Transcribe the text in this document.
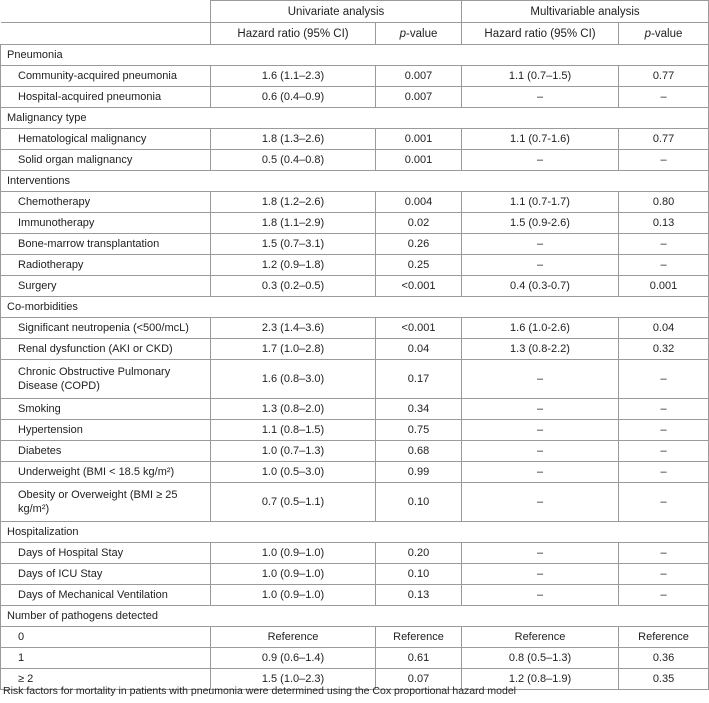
	Univariate analysis		Multivariable analysis	
	Hazard ratio (95% CI)	p-value	Hazard ratio (95% CI)	p-value
Pneumonia				
Community-acquired pneumonia	1.6 (1.1–2.3)	0.007	1.1 (0.7–1.5)	0.77
Hospital-acquired pneumonia	0.6 (0.4–0.9)	0.007	–	–
Malignancy type				
Hematological malignancy	1.8 (1.3–2.6)	0.001	1.1 (0.7-1.6)	0.77
Solid organ malignancy	0.5 (0.4–0.8)	0.001	–	–
Interventions				
Chemotherapy	1.8 (1.2–2.6)	0.004	1.1 (0.7-1.7)	0.80
Immunotherapy	1.8 (1.1–2.9)	0.02	1.5 (0.9-2.6)	0.13
Bone-marrow transplantation	1.5 (0.7–3.1)	0.26	–	–
Radiotherapy	1.2 (0.9–1.8)	0.25	–	–
Surgery	0.3 (0.2–0.5)	<0.001	0.4 (0.3-0.7)	0.001
Co-morbidities				
Significant neutropenia (<500/mcL)	2.3 (1.4–3.6)	<0.001	1.6 (1.0-2.6)	0.04
Renal dysfunction (AKI or CKD)	1.7 (1.0–2.8)	0.04	1.3 (0.8-2.2)	0.32
Chronic Obstructive Pulmonary Disease (COPD)	1.6 (0.8–3.0)	0.17	–	–
Smoking	1.3 (0.8–2.0)	0.34	–	–
Hypertension	1.1 (0.8–1.5)	0.75	–	–
Diabetes	1.0 (0.7–1.3)	0.68	–	–
Underweight (BMI < 18.5 kg/m²)	1.0 (0.5–3.0)	0.99	–	–
Obesity or Overweight (BMI ≥ 25 kg/m²)	0.7 (0.5–1.1)	0.10	–	–
Hospitalization				
Days of Hospital Stay	1.0 (0.9–1.0)	0.20	–	–
Days of ICU Stay	1.0 (0.9–1.0)	0.10	–	–
Days of Mechanical Ventilation	1.0 (0.9–1.0)	0.13	–	–
Number of pathogens detected				
0	Reference	Reference	Reference	Reference
1	0.9 (0.6–1.4)	0.61	0.8 (0.5–1.3)	0.36
≥ 2	1.5 (1.0–2.3)	0.07	1.2 (0.8–1.9)	0.35
Risk factors for mortality in patients with pneumonia were determined using the Cox proportional hazard model
